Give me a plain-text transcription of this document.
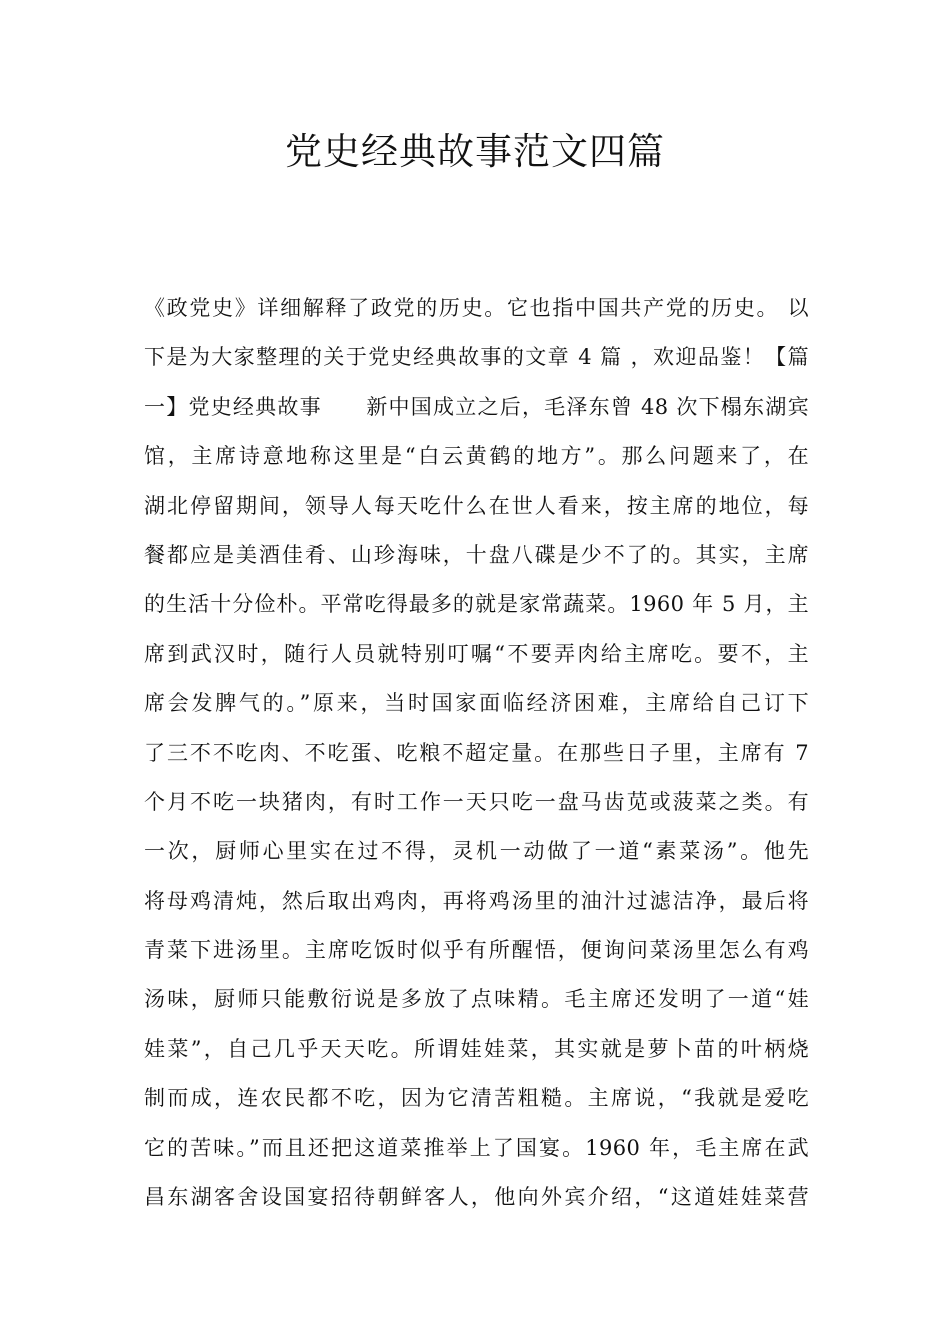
党史经典故事范文四篇
《政党史》详细解释了政党的历史。它也指中国共产党的历史。 以
下是为大家整理的关于党史经典故事的文章 4 篇 ，欢迎品鉴！【篇
一】党史经典故事　　新中国成立之后，毛泽东曾 48 次下榻东湖宾
馆，主席诗意地称这里是“白云黄鹤的地方”。那么问题来了，在
湖北停留期间，领导人每天吃什么在世人看来，按主席的地位，每
餐都应是美酒佳肴、山珍海味，十盘八碟是少不了的。其实，主席
的生活十分俭朴。平常吃得最多的就是家常蔬菜。1960 年 5 月，主
席到武汉时，随行人员就特别叮嘱“不要弄肉给主席吃。要不，主
席会发脾气的。”原来，当时国家面临经济困难，主席给自己订下
了三不不吃肉、不吃蛋、吃粮不超定量。在那些日子里，主席有 7
个月不吃一块猪肉，有时工作一天只吃一盘马齿苋或菠菜之类。有
一次，厨师心里实在过不得，灵机一动做了一道“素菜汤”。他先
将母鸡清炖，然后取出鸡肉，再将鸡汤里的油汁过滤洁净，最后将
青菜下进汤里。主席吃饭时似乎有所醒悟，便询问菜汤里怎么有鸡
汤味，厨师只能敷衍说是多放了点味精。毛主席还发明了一道“娃
娃菜”，自己几乎天天吃。所谓娃娃菜，其实就是萝卜苗的叶柄烧
制而成，连农民都不吃，因为它清苦粗糙。主席说，“我就是爱吃
它的苦味。”而且还把这道菜推举上了国宴。1960 年，毛主席在武
昌东湖客舍设国宴招待朝鲜客人，他向外宾介绍，“这道娃娃菜营
